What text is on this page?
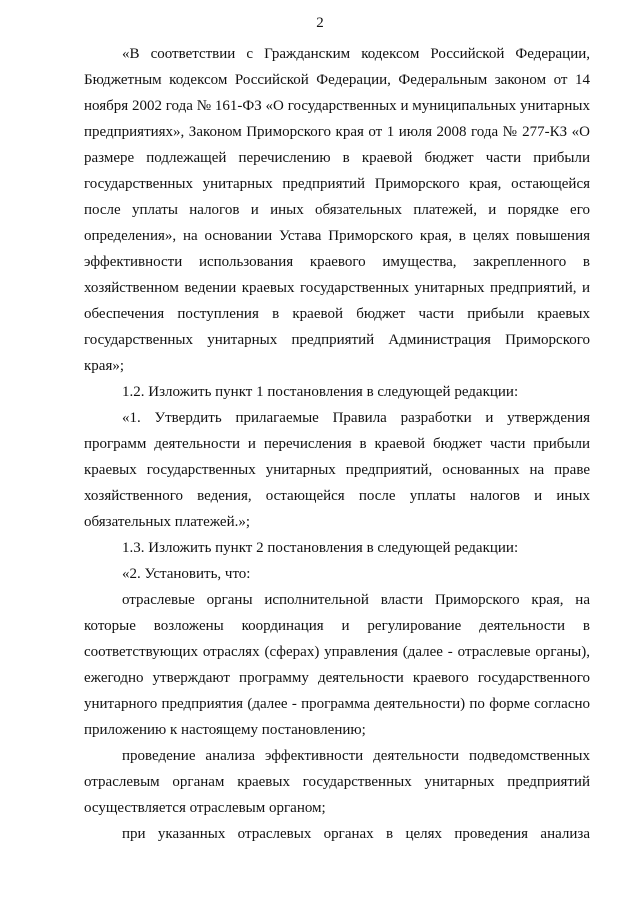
2

«В соответствии с Гражданским кодексом Российской Федерации, Бюджетным кодексом Российской Федерации, Федеральным законом от 14 ноября 2002 года № 161-ФЗ «О государственных и муниципальных унитарных предприятиях», Законом Приморского края от 1 июля 2008 года № 277-КЗ «О размере подлежащей перечислению в краевой бюджет части прибыли государственных унитарных предприятий Приморского края, остающейся после уплаты налогов и иных обязательных платежей, и порядке его определения», на основании Устава Приморского края, в целях повышения эффективности использования краевого имущества, закрепленного в хозяйственном ведении краевых государственных унитарных предприятий, и обеспечения поступления в краевой бюджет части прибыли краевых государственных унитарных предприятий Администрация Приморского края»;

1.2. Изложить пункт 1 постановления в следующей редакции:

«1. Утвердить прилагаемые Правила разработки и утверждения программ деятельности и перечисления в краевой бюджет части прибыли краевых государственных унитарных предприятий, основанных на праве хозяйственного ведения, остающейся после уплаты налогов и иных обязательных платежей.»;

1.3. Изложить пункт 2 постановления в следующей редакции:

«2. Установить, что:

отраслевые органы исполнительной власти Приморского края, на которые возложены координация и регулирование деятельности в соответствующих отраслях (сферах) управления (далее - отраслевые органы), ежегодно утверждают программу деятельности краевого государственного унитарного предприятия (далее - программа деятельности) по форме согласно приложению к настоящему постановлению;

проведение анализа эффективности деятельности подведомственных отраслевым органам краевых государственных унитарных предприятий осуществляется отраслевым органом;

при указанных отраслевых органах в целях проведения анализа
